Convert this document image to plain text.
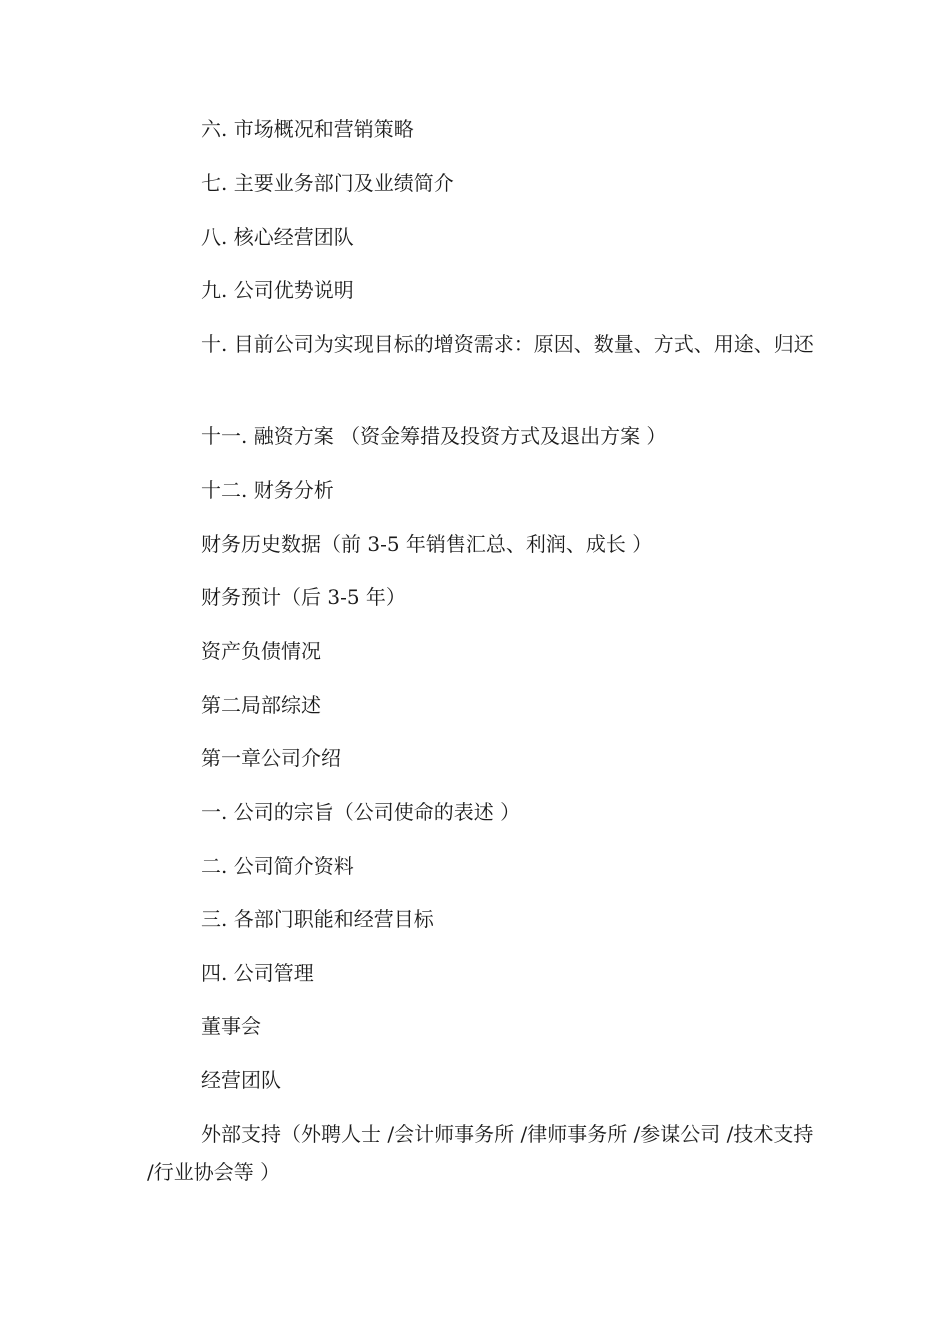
六. 市场概况和营销策略
七. 主要业务部门及业绩简介
八. 核心经营团队
九. 公司优势说明
十. 目前公司为实现目标的增资需求：原因、数量、方式、用途、归还
十一. 融资方案 （资金筹措及投资方式及退出方案 ）
十二. 财务分析
财务历史数据（前 3-5 年销售汇总、利润、成长 ）
财务预计（后 3-5 年）
资产负债情况
第二局部综述
第一章公司介绍
一. 公司的宗旨（公司使命的表述 ）
二. 公司简介资料
三. 各部门职能和经营目标
四. 公司管理
董事会
经营团队
外部支持（外聘人士 /会计师事务所 /律师事务所 /参谋公司 /技术支持 /行业协会等 ）
